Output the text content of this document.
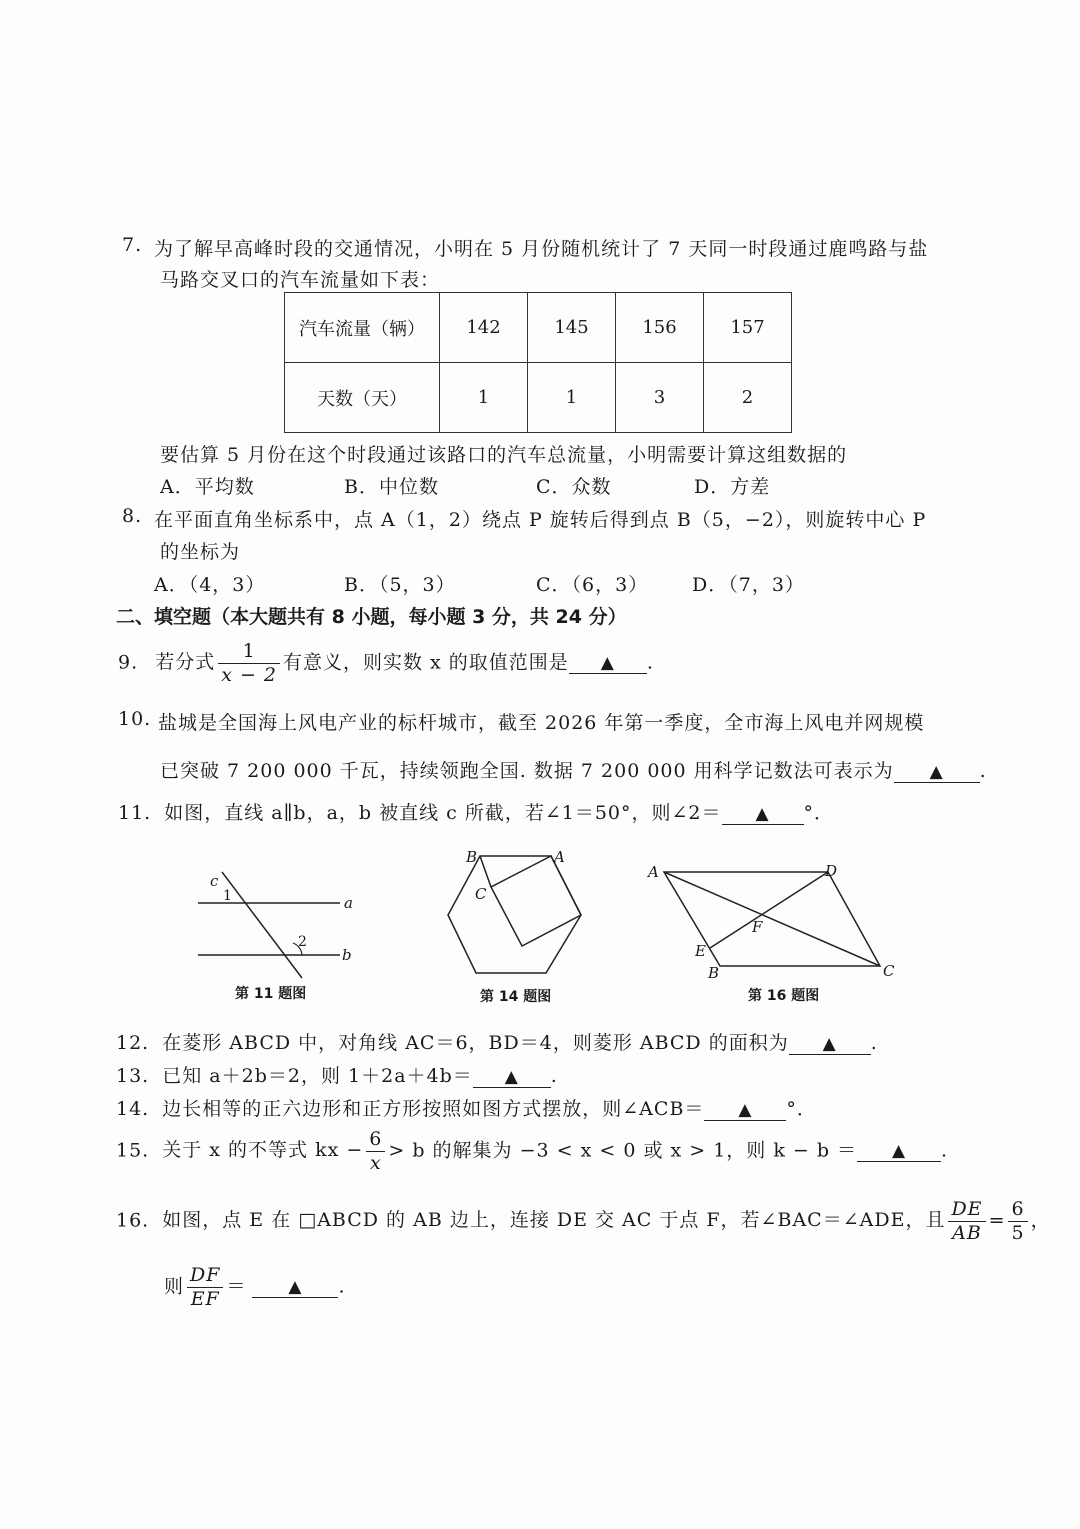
7. 为了解早高峰时段的交通情况，小明在 5 月份随机统计了 7 天同一时段通过鹿鸣路与盐
马路交叉口的汽车流量如下表：
汽车流量（辆）	142	145	156	157
天数（天）	1	1	3	2
要估算 5 月份在这个时段通过该路口的汽车总流量，小明需要计算这组数据的
A．平均数	B．中位数	C．众数	D．方差
8. 在平面直角坐标系中，点 A（1，2）绕点 P 旋转后得到点 B（5，−2），则旋转中心 P
的坐标为
A．（4，3）	B．（5，3）	C．（6，3） D．（7，3）
二、填空题（本大题共有 8 小题，每小题 3 分，共 24 分）
9. 若分式 $\frac{1}{x - 2}$ 有意义，则实数 x 的取值范围是 ▲ .
10. 盐城是全国海上风电产业的标杆城市，截至 2026 年第一季度，全市海上风电并网规模
已突破 7 200 000 千瓦，持续领跑全国. 数据 7 200 000 用科学记数法可表示为 ▲ .
11. 如图，直线 a∥b，a，b 被直线 c 所截，若∠1＝50°，则∠2＝ ▲ °．
c
1
2
a
b
第 11 题图
B	A
C
第 14 题图
A	D
F
E
B	C
第 16 题图
12. 在菱形 ABCD 中，对角线 AC＝6，BD＝4，则菱形 ABCD 的面积为 ▲ .
13. 已知 a＋2b＝2，则 1＋2a＋4b＝ ▲ .
14. 边长相等的正六边形和正方形按照如图方式摆放，则∠ACB＝ ▲ °．
15. 关于 x 的不等式 kx − $\frac{6}{x} > b$ 的解集为 −3 < x < 0 或 x > 1，则 k − b ＝ ▲ .
16. 如图，点 E 在 □ABCD 的 AB 边上，连接 DE 交 AC 于点 F，若∠BAC＝∠ADE，且 $\frac{DE}{AB} = \frac{6}{5}$ ，
则 $\frac{DF}{EF}$ ＝ ▲ .
